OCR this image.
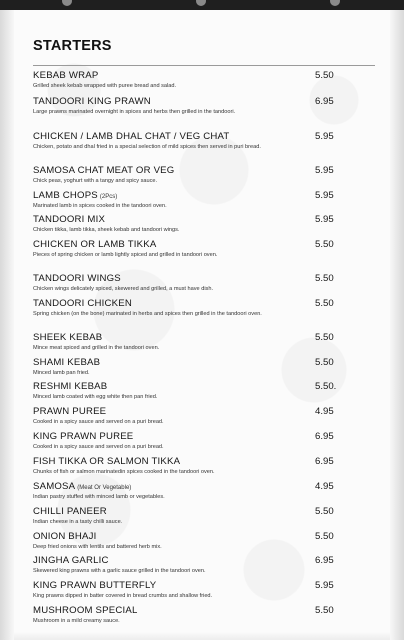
STARTERS
KEBAB WRAP	5.50
Grilled sheek kebab wrapped with puree bread and salad.
TANDOORI KING PRAWN	6.95
Large prawns marinated overnight in spices and herbs then grilled in the tandoori.
CHICKEN / LAMB DHAL CHAT / VEG CHAT	5.95
Chicken, potato and dhal fried in a special selection of mild spices then served in puri bread.
SAMOSA CHAT MEAT OR VEG	5.95
Chick peas, yoghurt with a tangy and spicy sauce.
LAMB CHOPS (2Pcs)	5.95
Marinated lamb in spices cooked in the tandoori oven.
TANDOORI MIX	5.95
Chicken tikka, lamb tikka, sheek kebab and tandoori wings.
CHICKEN OR LAMB TIKKA	5.50
Pieces of spring chicken or lamb lightly spiced and grilled in tandoori oven.
TANDOORI WINGS	5.50
Chicken wings delicately spiced, skewered and grilled, a must have dish.
TANDOORI CHICKEN	5.50
Spring chicken (on the bone) marinated in herbs and spices then grilled in the tandoori oven.
SHEEK KEBAB	5.50
Mince meat spiced and grilled in the tandoori oven.
SHAMI KEBAB	5.50
Minced lamb pan fried.
RESHMI KEBAB	5.50.
Minced lamb coated with egg white then pan fried.
PRAWN PUREE	4.95
Cooked in a spicy sauce and served on a puri bread.
KING PRAWN PUREE	6.95
Cooked in a spicy sauce and served on a puri bread.
FISH TIKKA OR SALMON TIKKA	6.95
Chunks of fish or salmon marinatedin spices cooked in the tandoori oven.
SAMOSA (Meat Or Vegetable)	4.95
Indian pastry stuffed with minced lamb or vegetables.
CHILLI PANEER	5.50
Indian cheese in a tasty chilli sauce.
ONION BHAJI	5.50
Deep fried onions with lentils and battered herb mix.
JINGHA GARLIC	6.95
Skewered king prawns with a garlic sauce grilled in the tandoori oven.
KING PRAWN BUTTERFLY	5.95
King prawns dipped in batter covered in bread crumbs and shallow fried.
MUSHROOM SPECIAL	5.50
Mushroom in a mild creamy sauce.
